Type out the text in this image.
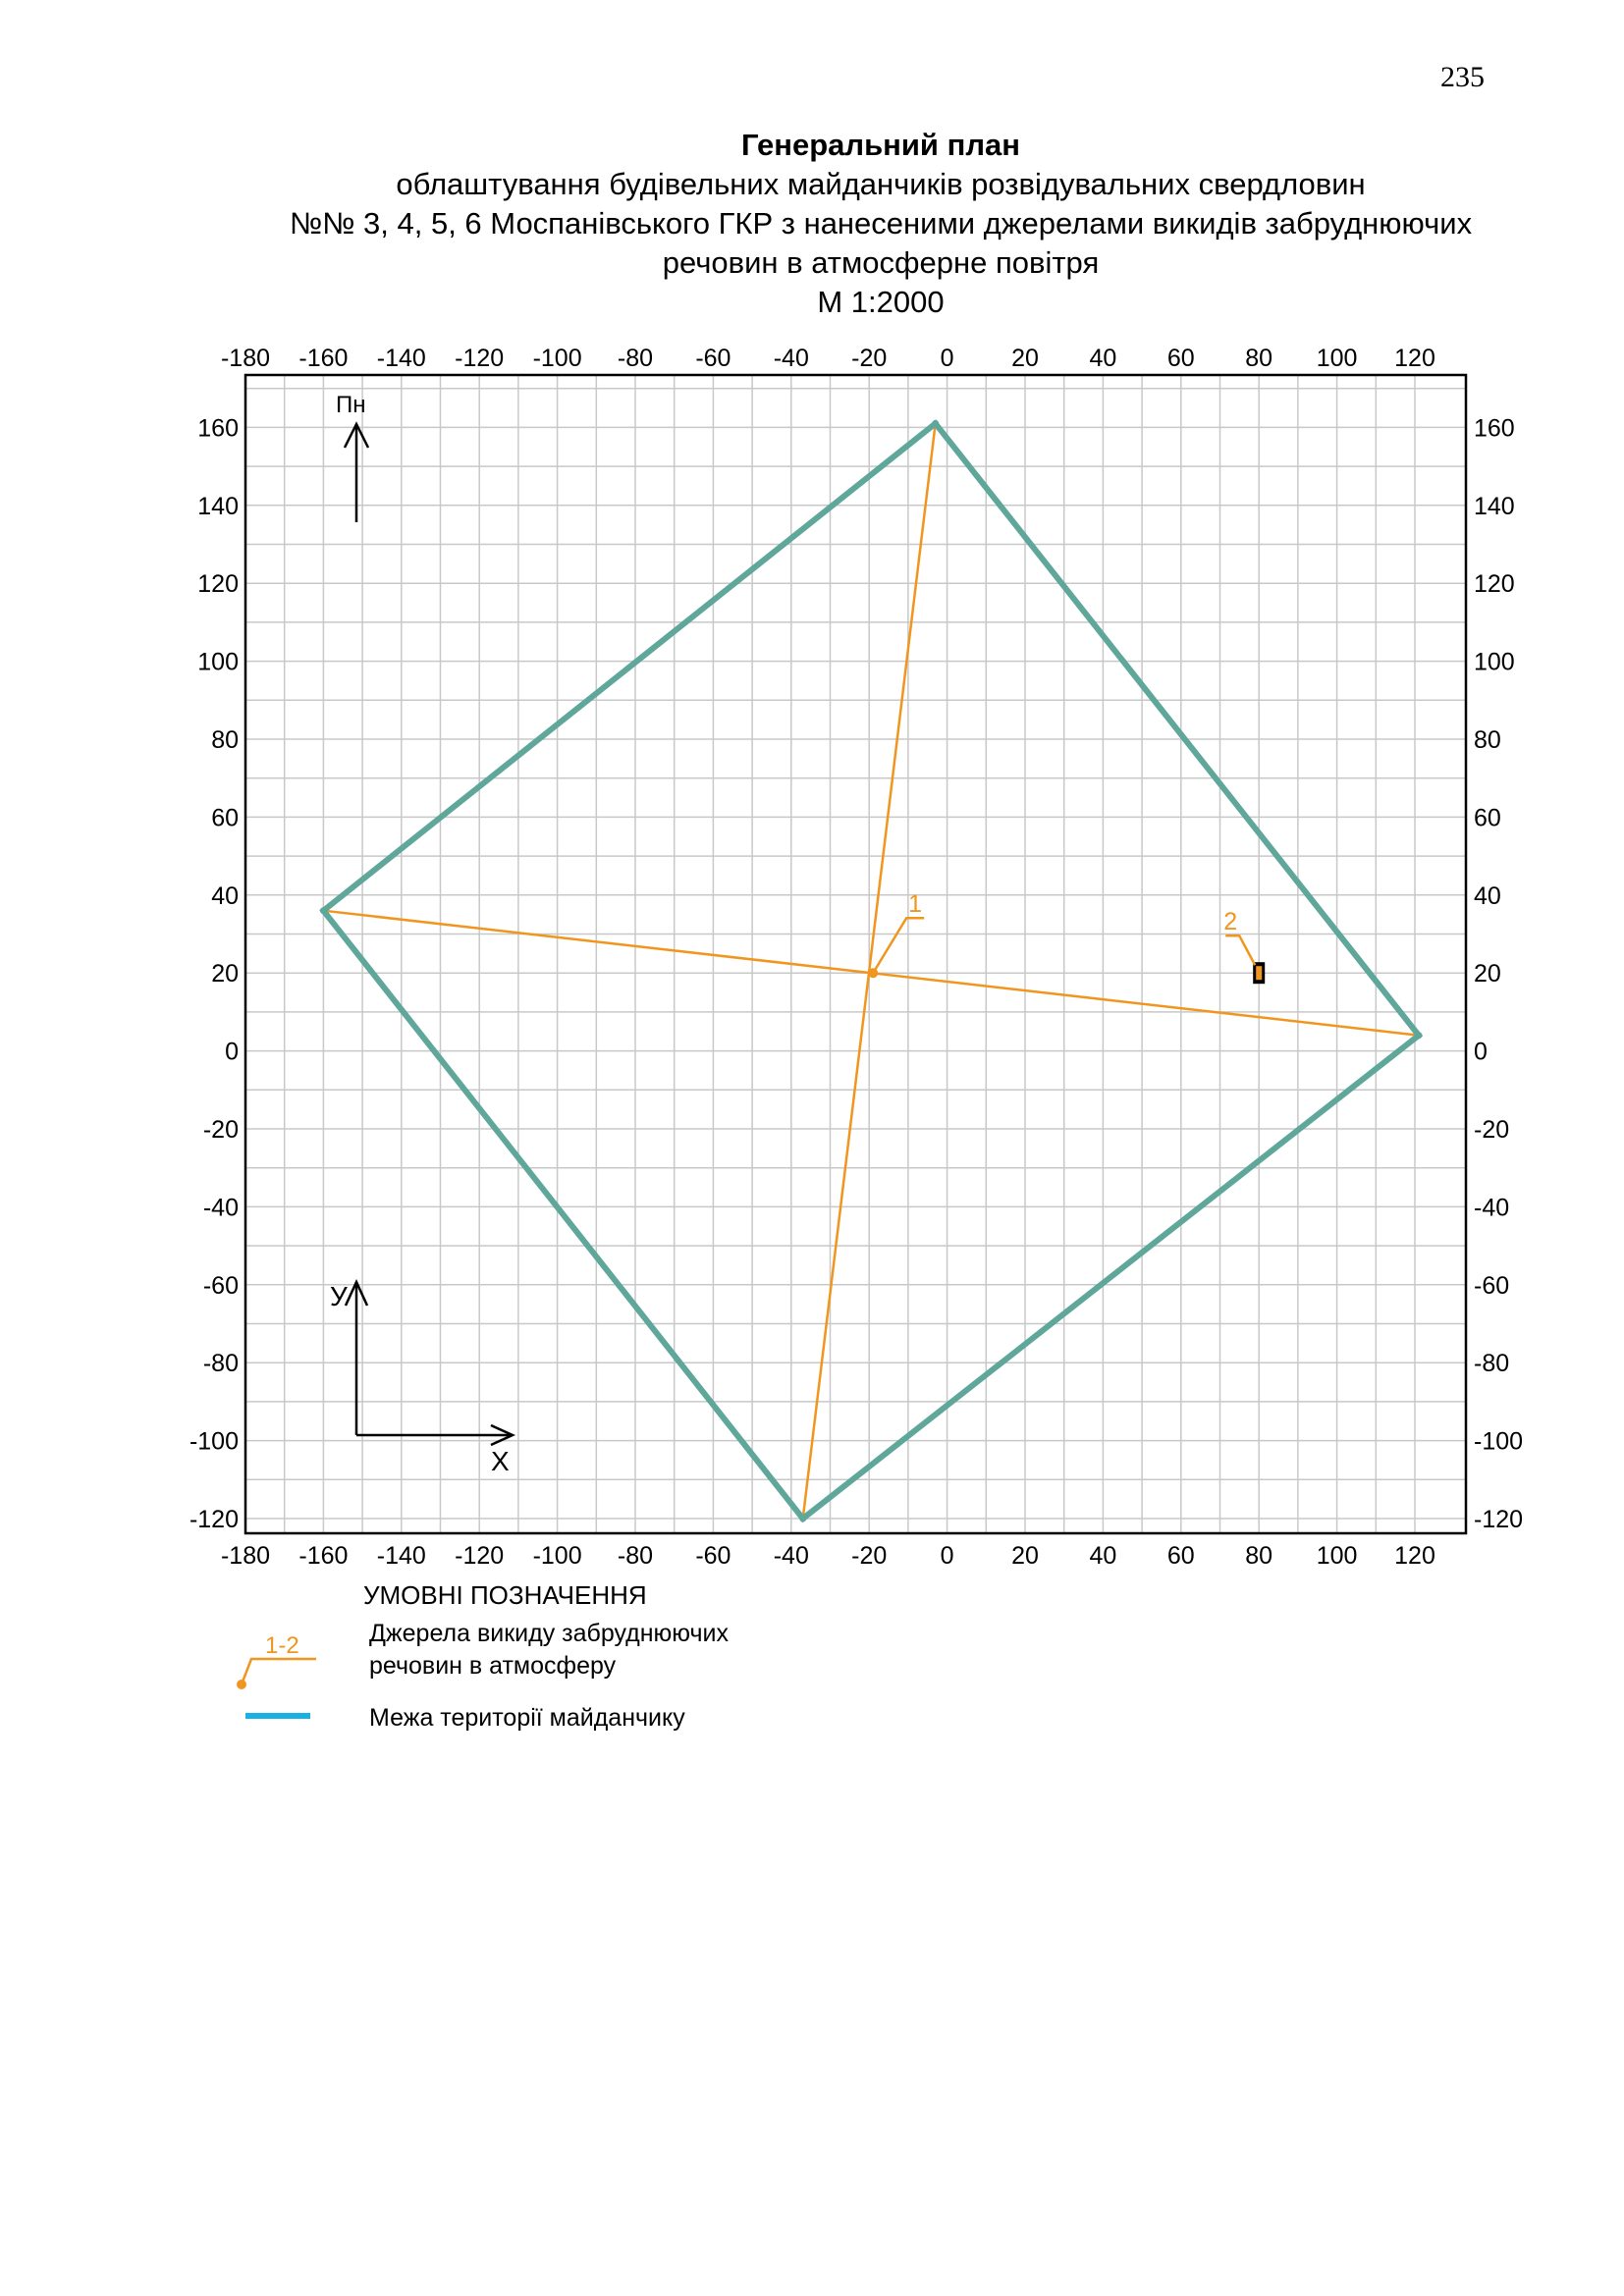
235
Генеральний план
облаштування будівельних майданчиків розвідувальних свердловин
№№ 3, 4, 5, 6 Моспанівського ГКР з нанесеними джерелами викидів забруднюючих
речовин в атмосферне повітря
М 1:2000
-180
-180
-160
-160
-140
-140
-120
-120
-100
-100
-80
-80
-60
-60
-40
-40
-20
-20
0
0
20
20
40
40
60
60
80
80
100
100
120
120
160	160
140	140
120	120
100	100
80	80
60	60
40	40
20	20
0	0
-20	-20
-40	-40
-60	-60
-80	-80
-100	-100
-120	-120
1
2
Пн
У
Х
1-2
УМОВНІ ПОЗНАЧЕННЯ
Джерела викиду забруднюючих
речовин в атмосферу
Межа території майданчику
